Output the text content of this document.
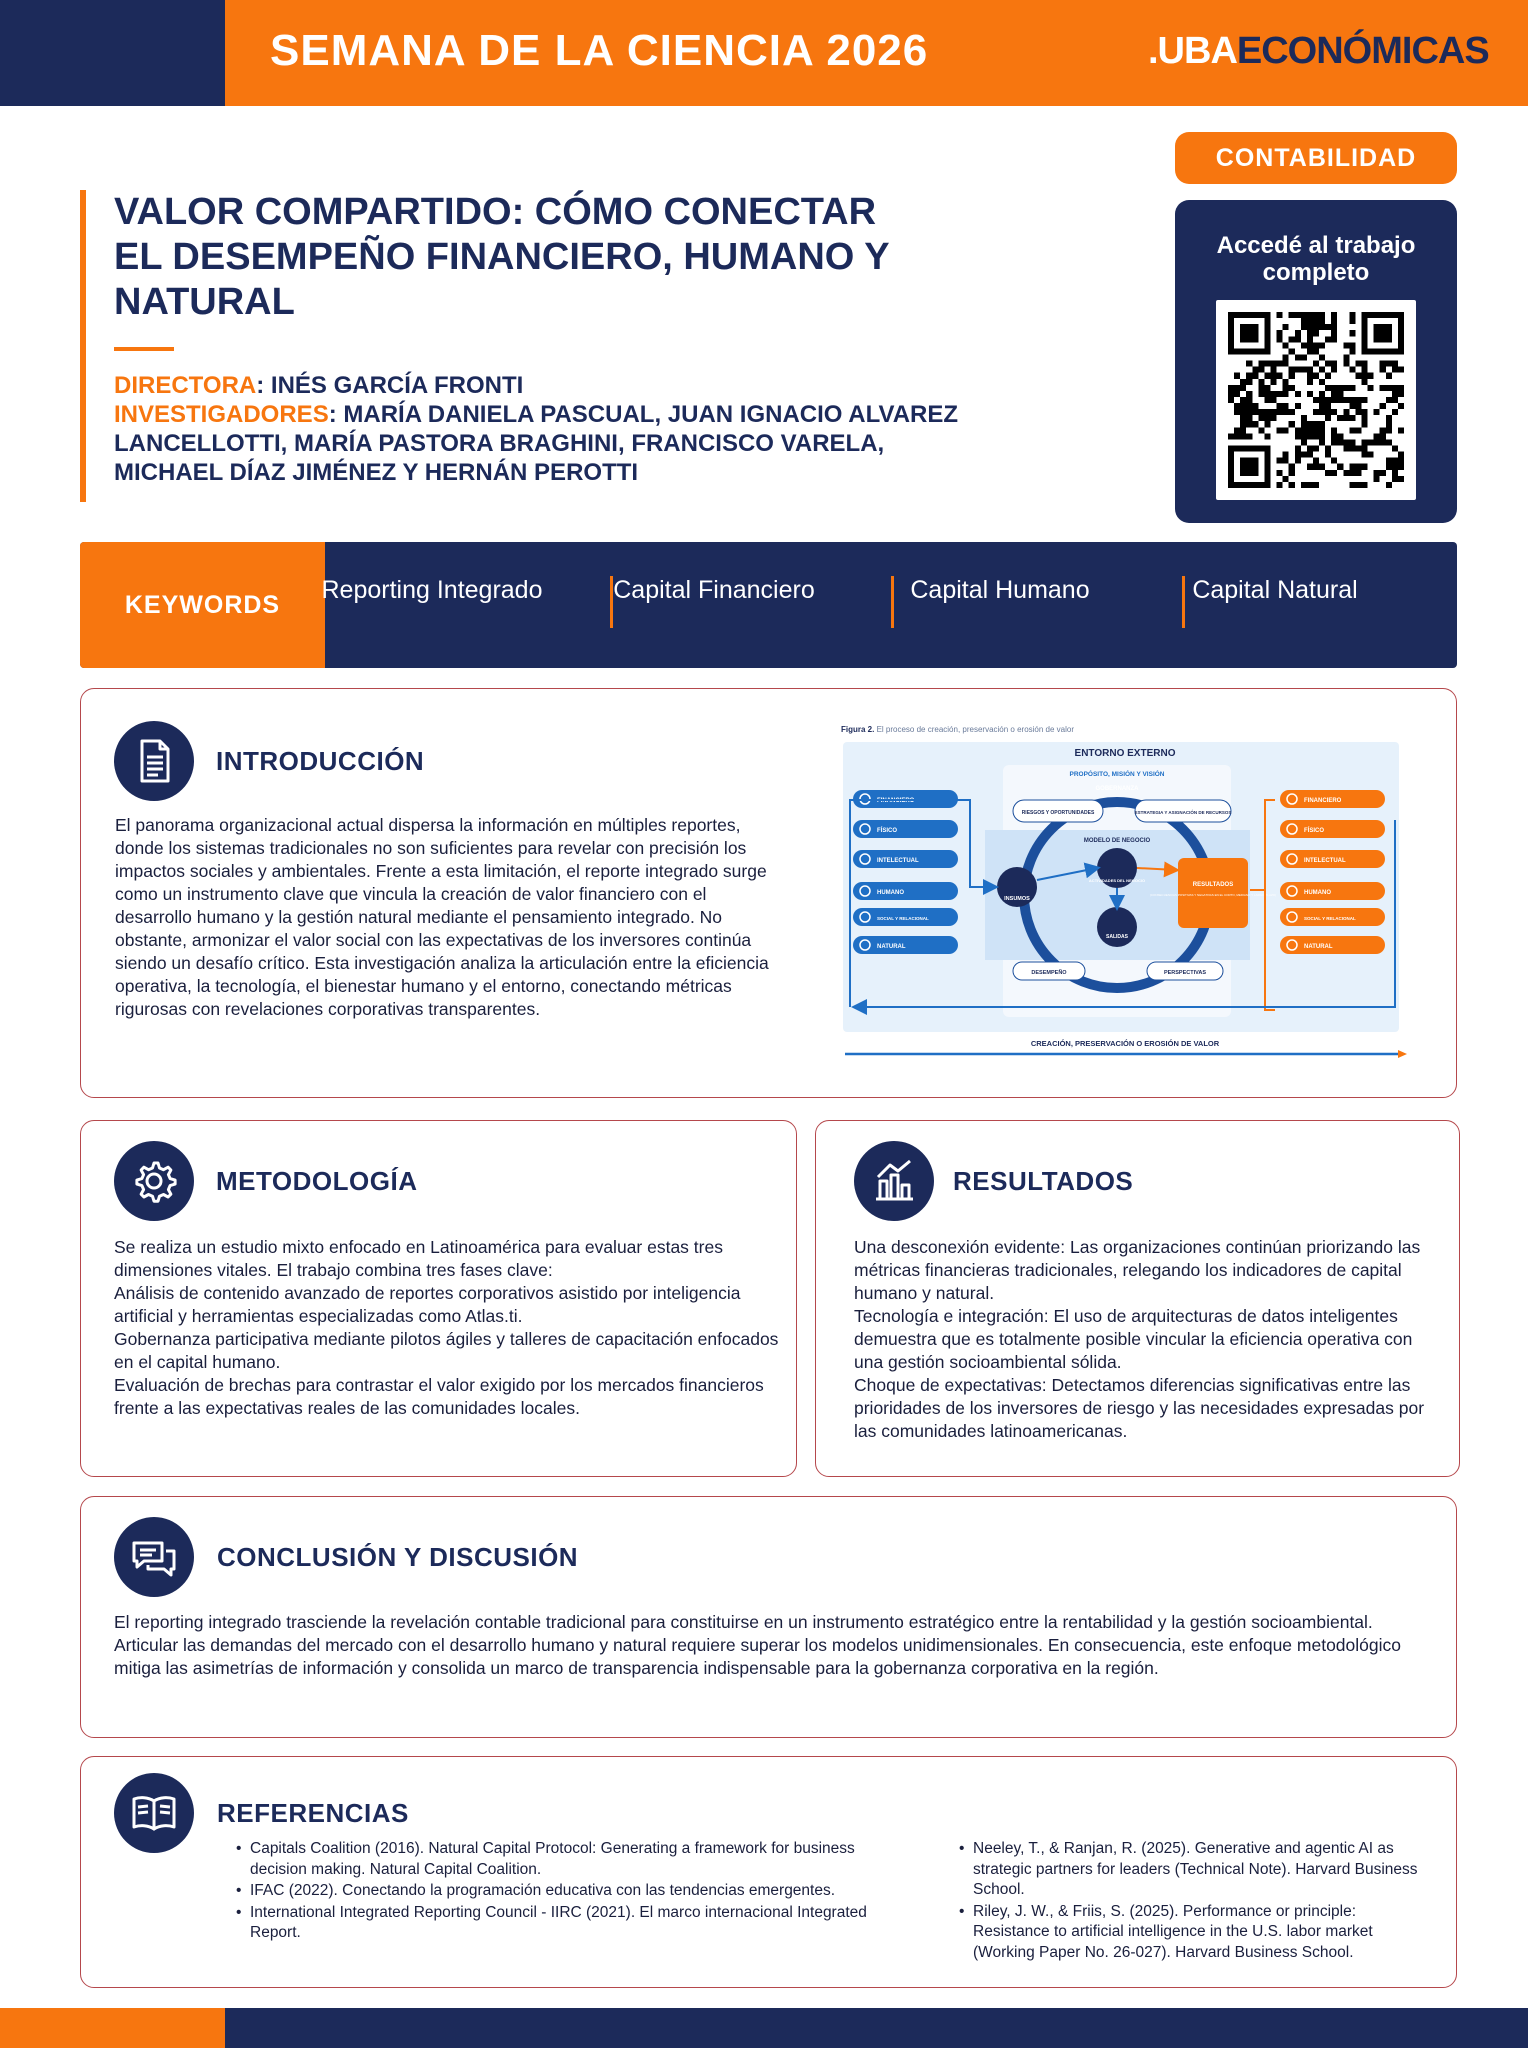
SEMANA DE LA CIENCIA 2026	.UBAECONÓMICAS
VALOR COMPARTIDO: CÓMO CONECTAR EL DESEMPEÑO FINANCIERO, HUMANO Y NATURAL
DIRECTORA: INÉS GARCÍA FRONTI
INVESTIGADORES: MARÍA DANIELA PASCUAL, JUAN IGNACIO ALVAREZ LANCELLOTTI, MARÍA PASTORA BRAGHINI, FRANCISCO VARELA, MICHAEL DÍAZ JIMÉNEZ Y HERNÁN PEROTTI
CONTABILIDAD
Accedé al trabajo completo
KEYWORDS
Reporting Integrado	Capital Financiero	Capital Humano	Capital Natural
INTRODUCCIÓN
El panorama organizacional actual dispersa la información en múltiples reportes, donde los sistemas tradicionales no son suficientes para revelar con precisión los impactos sociales y ambientales. Frente a esta limitación, el reporte integrado surge como un instrumento clave que vincula la creación de valor financiero con el desarrollo humano y la gestión natural mediante el pensamiento integrado. No obstante, armonizar el valor social con las expectativas de los inversores continúa siendo un desafío crítico. Esta investigación analiza la articulación entre la eficiencia operativa, la tecnología, el bienestar humano y el entorno, conectando métricas rigurosas con revelaciones corporativas transparentes.
Figura 2. El proceso de creación, preservación o erosión de valor
ENTORNO EXTERNO
PROPÓSITO, MISIÓN Y VISIÓN
GOBERNANZA
RIESGOS Y OPORTUNIDADES	ESTRATEGIA Y ASIGNACIÓN DE RECURSOS
MODELO DE NEGOCIO
INSUMOS
ACTIVIDADES DEL NEGOCIO
SALIDAS
RESULTADOS
(CONSECUENCIAS POSITIVAS Y NEGATIVAS EN EL CORTO, MEDIANO Y LARGO PLAZO)
DESEMPEÑO	PERSPECTIVAS
FINANCIERO
FÍSICO
INTELECTUAL
HUMANO
SOCIAL Y RELACIONAL
NATURAL
FINANCIERO
FÍSICO
INTELECTUAL
HUMANO
SOCIAL Y RELACIONAL
NATURAL
CREACIÓN, PRESERVACIÓN O EROSIÓN DE VALOR
METODOLOGÍA
Se realiza un estudio mixto enfocado en Latinoamérica para evaluar estas tres dimensiones vitales. El trabajo combina tres fases clave:
Análisis de contenido avanzado de reportes corporativos asistido por inteligencia artificial y herramientas especializadas como Atlas.ti.
Gobernanza participativa mediante pilotos ágiles y talleres de capacitación enfocados en el capital humano.
Evaluación de brechas para contrastar el valor exigido por los mercados financieros frente a las expectativas reales de las comunidades locales.
RESULTADOS
Una desconexión evidente: Las organizaciones continúan priorizando las métricas financieras tradicionales, relegando los indicadores de capital humano y natural.
Tecnología e integración: El uso de arquitecturas de datos inteligentes demuestra que es totalmente posible vincular la eficiencia operativa con una gestión socioambiental sólida.
Choque de expectativas: Detectamos diferencias significativas entre las prioridades de los inversores de riesgo y las necesidades expresadas por las comunidades latinoamericanas.
CONCLUSIÓN Y DISCUSIÓN
El reporting integrado trasciende la revelación contable tradicional para constituirse en un instrumento estratégico entre la rentabilidad y la gestión socioambiental. Articular las demandas del mercado con el desarrollo humano y natural requiere superar los modelos unidimensionales. En consecuencia, este enfoque metodológico mitiga las asimetrías de información y consolida un marco de transparencia indispensable para la gobernanza corporativa en la región.
REFERENCIAS
• Capitals Coalition (2016). Natural Capital Protocol: Generating a framework for business decision making. Natural Capital Coalition.
• IFAC (2022). Conectando la programación educativa con las tendencias emergentes.
• International Integrated Reporting Council - IIRC (2021). El marco internacional Integrated Report.
• Neeley, T., & Ranjan, R. (2025). Generative and agentic AI as strategic partners for leaders (Technical Note). Harvard Business School.
• Riley, J. W., & Friis, S. (2025). Performance or principle: Resistance to artificial intelligence in the U.S. labor market (Working Paper No. 26-027). Harvard Business School.
